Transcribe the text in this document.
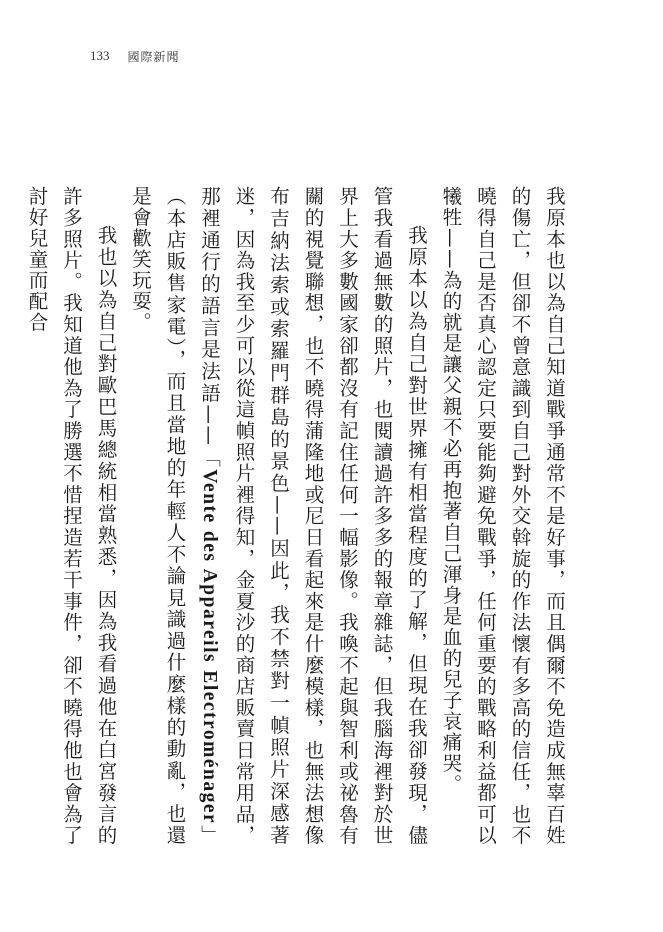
133 國際新聞

我原本也以為自己知道戰爭通常不是好事，而且偶爾不免造成無辜百姓的傷亡，但卻不曾意識到自己對外交斡旋的作法懷有多高的信任，也不曉得自己是否真心認定只要能夠避免戰爭，任何重要的戰略利益都可以犧牲——為的就是讓父親不必再抱著自己渾身是血的兒子哀痛哭。

我原本以為自己對世界擁有相當程度的了解，但現在我卻發現，儘管我看過無數的照片，也閱讀過許多多的報章雜誌，但我腦海裡對於世界上大多數國家卻都沒有記住任何一幅影像。我喚不起與智利或祕魯有關的視覺聯想，也不曉得蒲隆地或尼日看起來是什麼模樣，也無法想像布吉納法索或索羅門群島的景色——因此，我不禁對一幀照片深感著迷，因為我至少可以從這幀照片裡得知，金夏沙的商店販賣日常用品，那裡通行的語言是法語——「Vente des Appareils Electroménager」（本店販售家電），而且當地的年輕人不論見識過什麼樣的動亂，也還是會歡笑玩耍。

我也以為自己對歐巴馬總統相當熟悉，因為我看過他在白宮發言的許多照片。我知道他為了勝選不惜捏造若干事件，卻不曉得他也會為了討好兒童而配合
